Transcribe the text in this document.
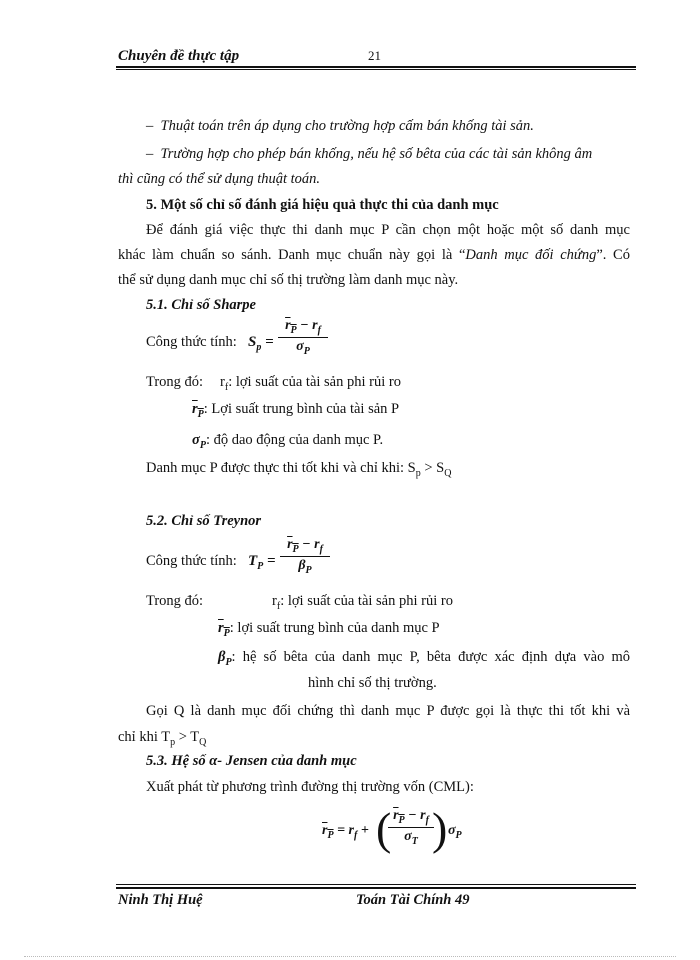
Chuyên đề thực tập	21
– Thuật toán trên áp dụng cho trường hợp cấm bán khống tài sản.
– Trường hợp cho phép bán khống, nếu hệ số bêta của các tài sản không âm
thì cũng có thể sử dụng thuật toán.
5. Một số chỉ số đánh giá hiệu quả thực thi của danh mục
Để đánh giá việc thực thi danh mục P cần chọn một hoặc một số danh mục
khác làm chuẩn so sánh. Danh mục chuẩn này gọi là “Danh mục đối chứng”. Có
thể sử dụng danh mục chỉ số thị trường làm danh mục này.
5.1. Chỉ số Sharpe
Công thức tính: $S_p = \frac{r_P - r_f}{\sigma_P}$
Trong đó: $r_f$: lợi suất của tài sản phi rủi ro
$r_P$: Lợi suất trung bình của tài sản P
$\sigma_P$: độ dao động của danh mục P.
Danh mục P được thực thi tốt khi và chỉ khi: $S_p > S_Q$
5.2. Chỉ số Treynor
Công thức tính: $T_P = \frac{r_P - r_f}{\beta_P}$
Trong đó:	$r_f$: lợi suất của tài sản phi rủi ro
$r_P$: lợi suất trung bình của danh mục P
$\beta_P$: hệ số bêta của danh mục P, bêta được xác định dựa vào mô
hình chỉ số thị trường.
Gọi Q là danh mục đối chứng thì danh mục P được gọi là thực thi tốt khi và
chỉ khi $T_p > T_Q$
5.3. Hệ số α- Jensen của danh mục
Xuất phát từ phương trình đường thị trường vốn (CML):
$r_P = r_f$ + (
$\frac{r_P - r_f}{\sigma_T}$
) $\sigma_P$
Ninh Thị Huệ	Toán Tài Chính 49
